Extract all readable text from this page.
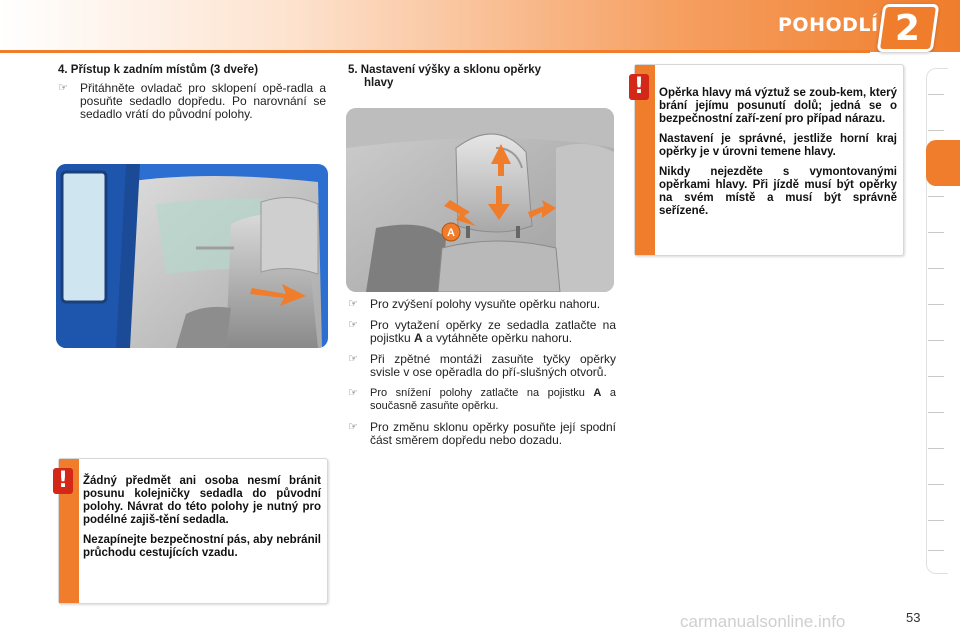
POHODLÍ 2
4. Přístup k zadním místům (3 dveře)
☞ Přitáhněte ovladač pro sklopení opě-radla a posuňte sedadlo dopředu. Po narovnání se sedadlo vrátí do původní polohy.
5. Nastavení výšky a sklonu opěrky
hlavy
A
☞ Pro zvýšení polohy vysuňte opěrku nahoru.
☞ Pro vytažení opěrky ze sedadla zatlačte na pojistku A a vytáhněte opěrku nahoru.
☞ Při zpětné montáži zasuňte tyčky opěrky svisle v ose opěradla do pří-slušných otvorů.
☞ Pro snížení polohy zatlačte na pojistku A a současně zasuňte opěrku.
☞ Pro změnu sklonu opěrky posuňte její spodní část směrem dopředu nebo dozadu.

Opěrka hlavy má výztuž se zoub-kem, který brání jejímu posunutí dolů; jedná se o bezpečnostní zaří-zení pro případ nárazu.

Nastavení je správné, jestliže horní kraj opěrky je v úrovni temene hlavy.

Nikdy nejezděte s vymontovanými opěrkami hlavy. Při jízdě musí být opěrky na svém místě a musí být správně seřízené.

!

Žádný předmět ani osoba nesmí bránit posunu kolejničky sedadla do původní polohy. Návrat do této polohy je nutný pro podélné zajiš-tění sedadla.

Nezapínejte bezpečnostní pás, aby nebránil průchodu cestujících vzadu.

!
carmanualsonline.info	53
